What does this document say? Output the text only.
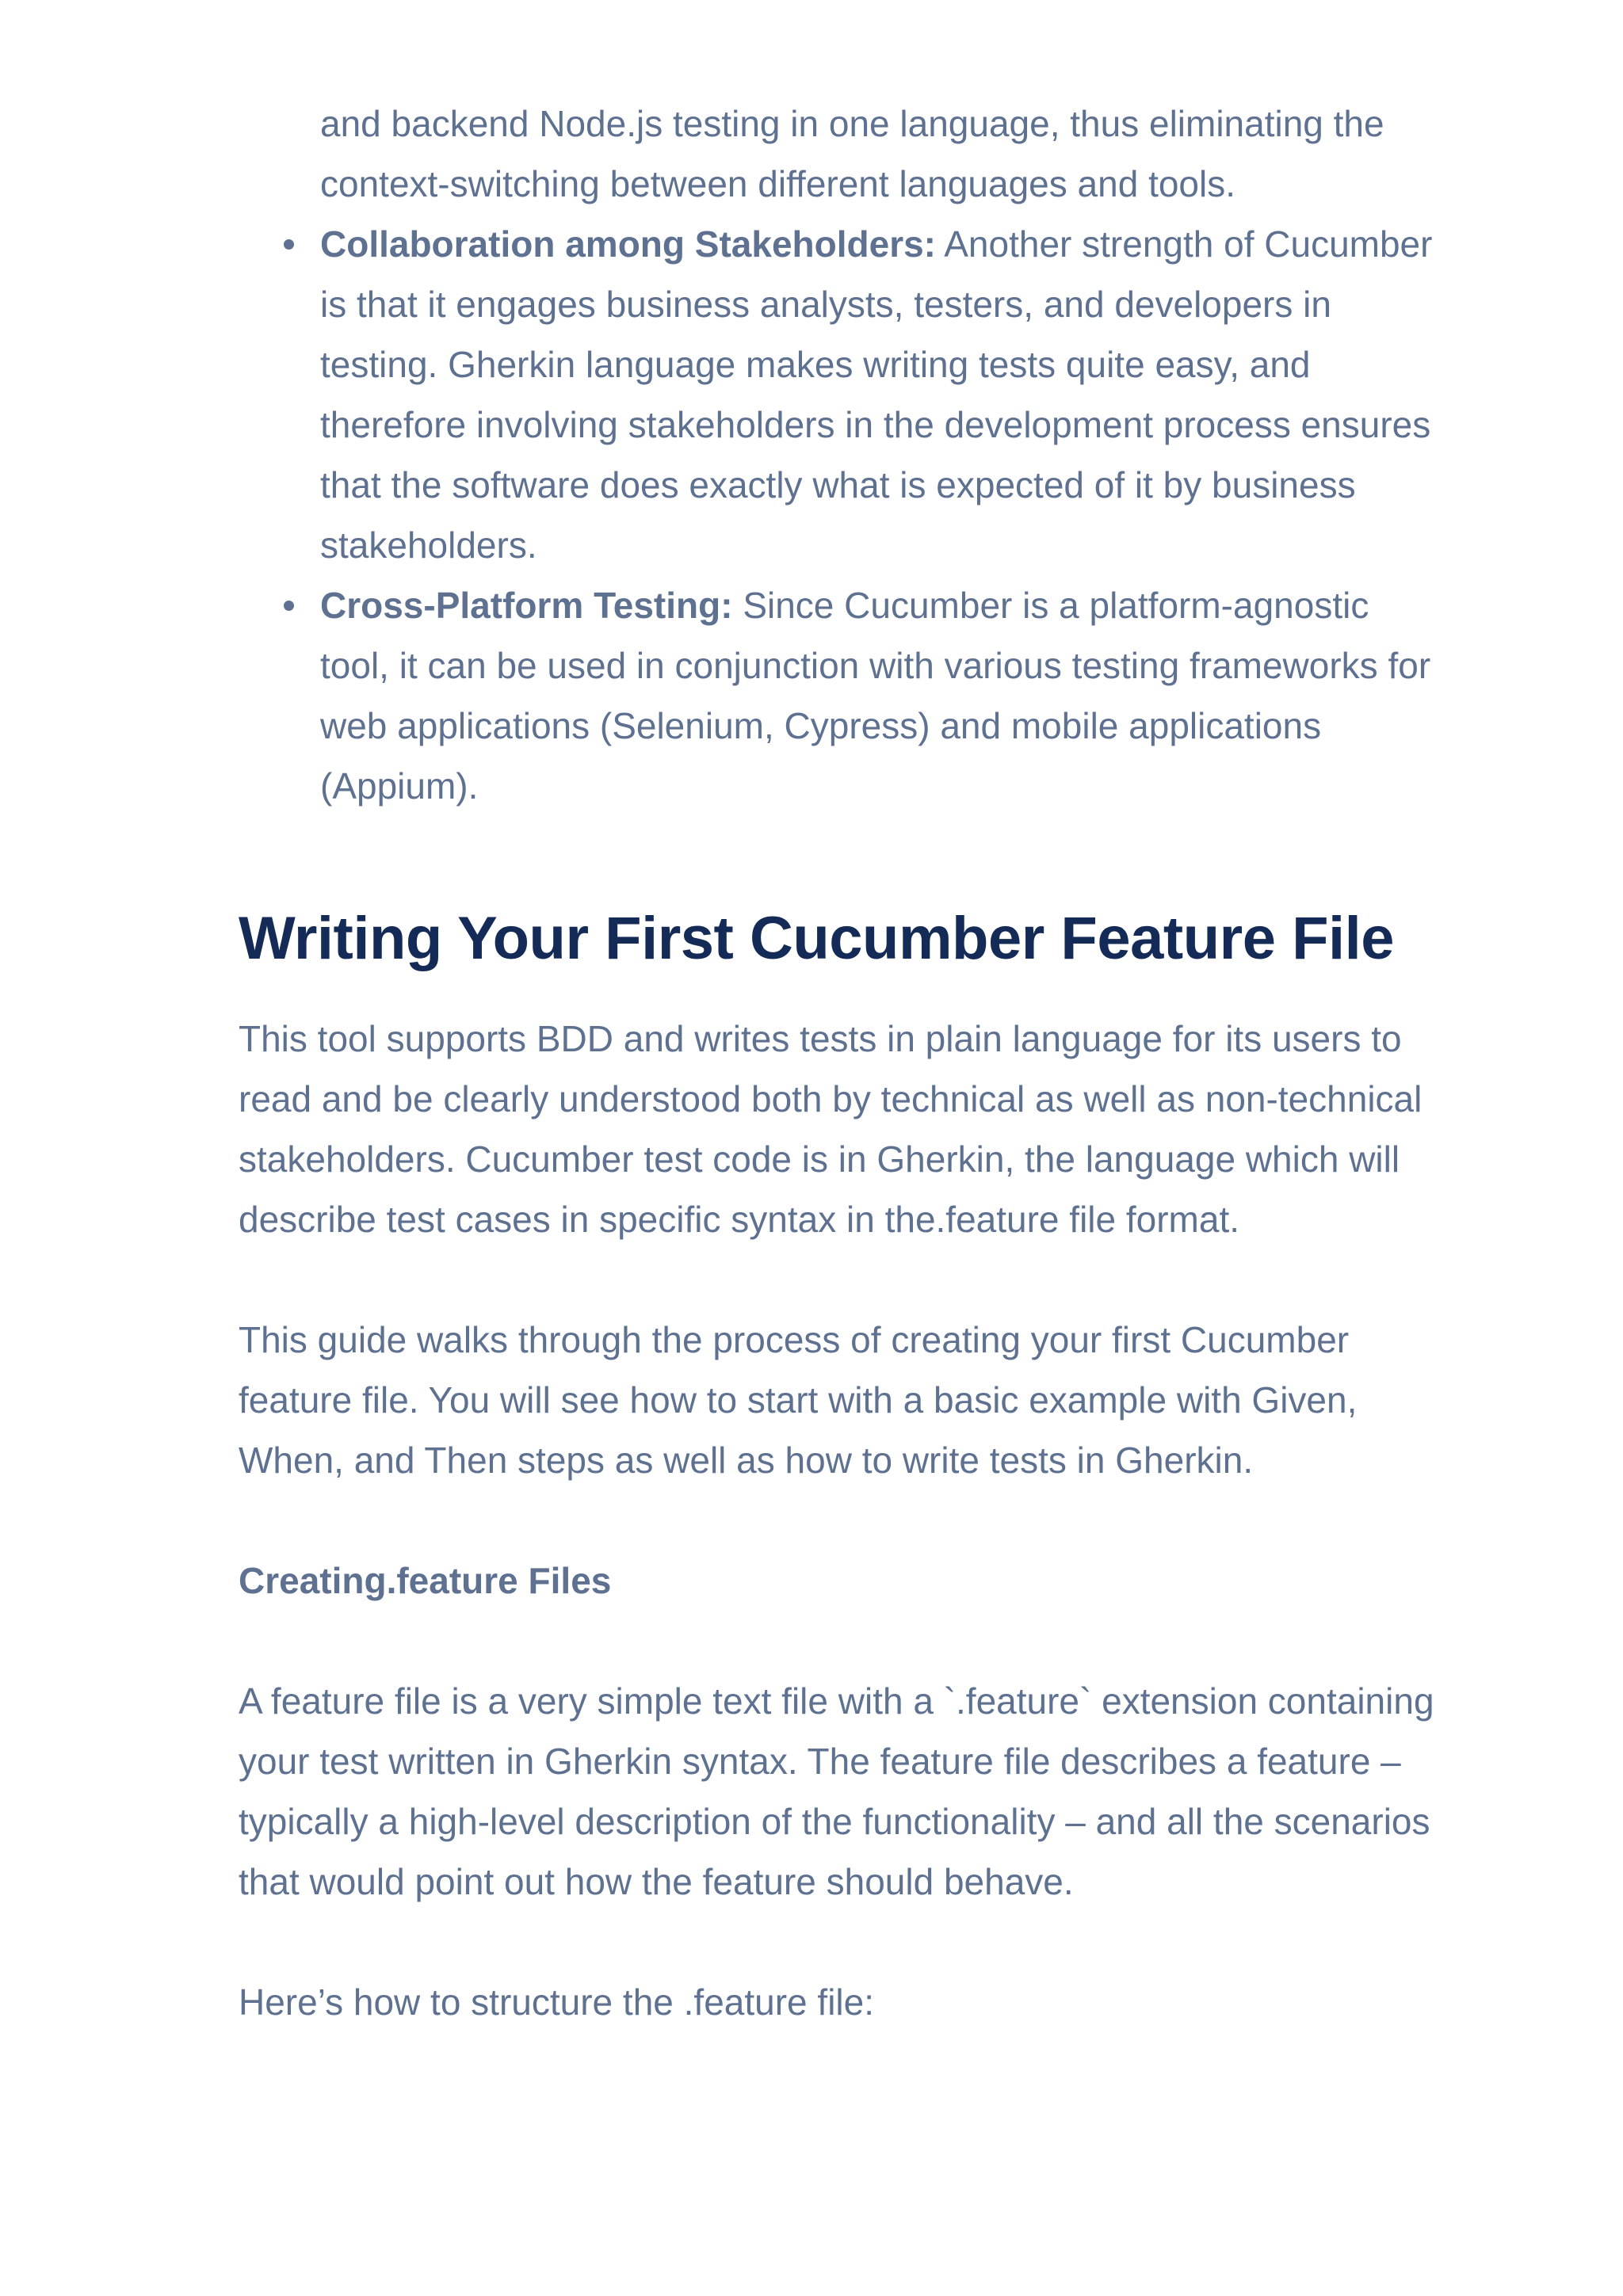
and backend Node.js testing in one language, thus eliminating the context-switching between different languages and tools.
Collaboration among Stakeholders: Another strength of Cucumber is that it engages business analysts, testers, and developers in testing. Gherkin language makes writing tests quite easy, and therefore involving stakeholders in the development process ensures that the software does exactly what is expected of it by business stakeholders.
Cross-Platform Testing: Since Cucumber is a platform-agnostic tool, it can be used in conjunction with various testing frameworks for web applications (Selenium, Cypress) and mobile applications (Appium).
Writing Your First Cucumber Feature File

This tool supports BDD and writes tests in plain language for its users to read and be clearly understood both by technical as well as non-technical stakeholders. Cucumber test code is in Gherkin, the language which will describe test cases in specific syntax in the.feature file format.

This guide walks through the process of creating your first Cucumber feature file. You will see how to start with a basic example with Given, When, and Then steps as well as how to write tests in Gherkin.

Creating.feature Files

A feature file is a very simple text file with a `.feature` extension containing your test written in Gherkin syntax. The feature file describes a feature – typically a high-level description of the functionality – and all the scenarios that would point out how the feature should behave.

Here’s how to structure the .feature file:
